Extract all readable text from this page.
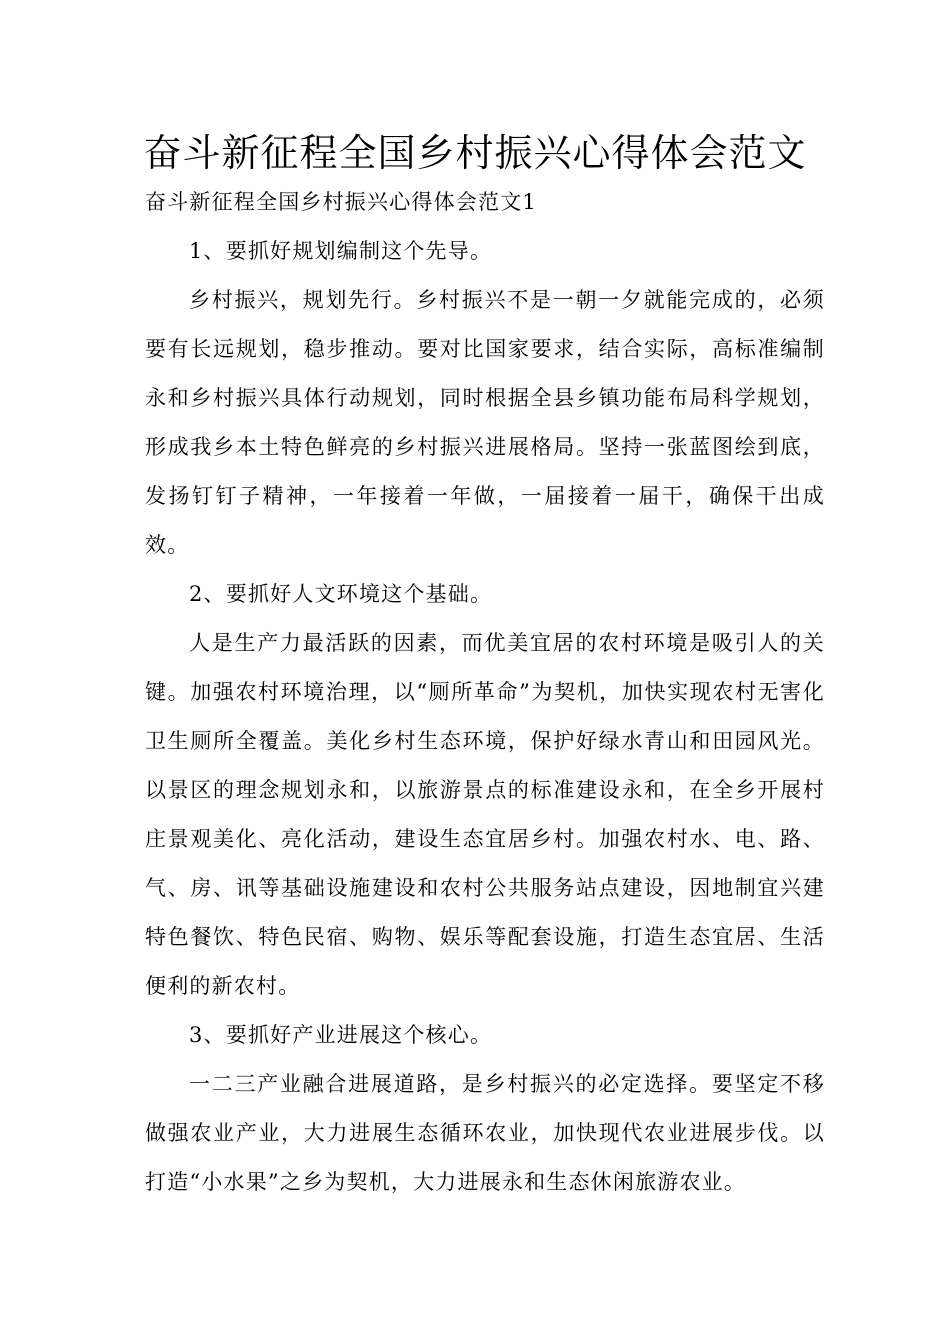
奋斗新征程全国乡村振兴心得体会范文

奋斗新征程全国乡村振兴心得体会范文1

1、要抓好规划编制这个先导。

乡村振兴，规划先行。乡村振兴不是一朝一夕就能完成的，必须要有长远规划，稳步推动。要对比国家要求，结合实际，高标准编制永和乡村振兴具体行动规划，同时根据全县乡镇功能布局科学规划，形成我乡本土特色鲜亮的乡村振兴进展格局。坚持一张蓝图绘到底，发扬钉钉子精神，一年接着一年做，一届接着一届干，确保干出成效。

2、要抓好人文环境这个基础。

人是生产力最活跃的因素，而优美宜居的农村环境是吸引人的关键。加强农村环境治理，以“厕所革命”为契机，加快实现农村无害化卫生厕所全覆盖。美化乡村生态环境，保护好绿水青山和田园风光。以景区的理念规划永和，以旅游景点的标准建设永和，在全乡开展村庄景观美化、亮化活动，建设生态宜居乡村。加强农村水、电、路、气、房、讯等基础设施建设和农村公共服务站点建设，因地制宜兴建特色餐饮、特色民宿、购物、娱乐等配套设施，打造生态宜居、生活便利的新农村。

3、要抓好产业进展这个核心。

一二三产业融合进展道路，是乡村振兴的必定选择。要坚定不移做强农业产业，大力进展生态循环农业，加快现代农业进展步伐。以打造“小水果”之乡为契机，大力进展永和生态休闲旅游农业。
